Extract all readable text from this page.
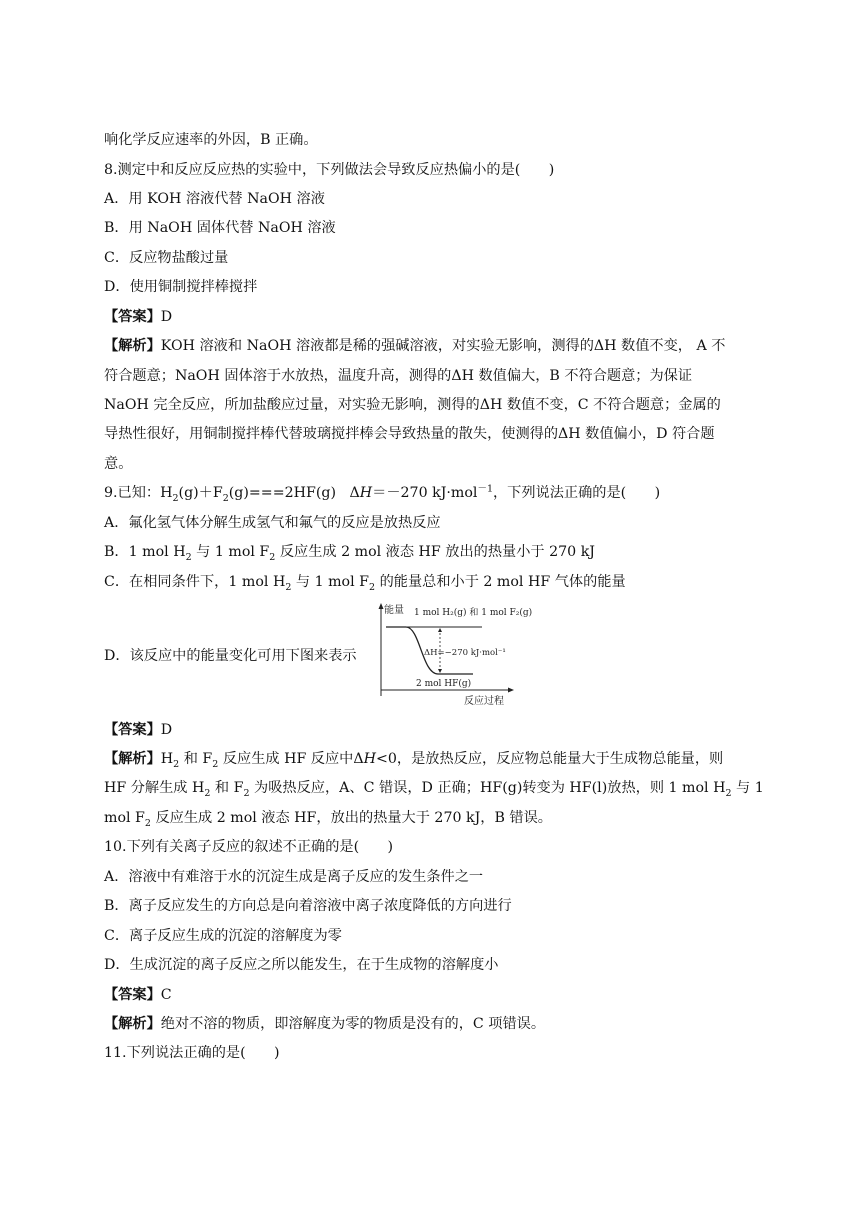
响化学反应速率的外因，B 正确。
8.测定中和反应反应热的实验中，下列做法会导致反应热偏小的是(　　)
A．用 KOH 溶液代替 NaOH 溶液
B．用 NaOH 固体代替 NaOH 溶液
C．反应物盐酸过量
D．使用铜制搅拌棒搅拌
【答案】D
【解析】KOH 溶液和 NaOH 溶液都是稀的强碱溶液，对实验无影响，测得的ΔH 数值不变， A 不
符合题意；NaOH 固体溶于水放热，温度升高，测得的ΔH 数值偏大，B 不符合题意；为保证
NaOH 完全反应，所加盐酸应过量，对实验无影响，测得的ΔH 数值不变，C 不符合题意；金属的
导热性很好，用铜制搅拌棒代替玻璃搅拌棒会导致热量的散失，使测得的ΔH 数值偏小，D 符合题
意。
9.已知：$H_2(g)+F_2(g)===2HF(g)$   ΔH＝－270 kJ·mol$^{-1}$，下列说法正确的是(　　)
A．氟化氢气体分解生成氢气和氟气的反应是放热反应
B．1 mol $H_2$ 与 1 mol $F_2$ 反应生成 2 mol 液态 HF 放出的热量小于 270 kJ
C．在相同条件下，1 mol $H_2$ 与 1 mol $F_2$ 的能量总和小于 2 mol HF 气体的能量
D．该反应中的能量变化可用下图来表示
能量 1 mol H₂(g) 和 1 mol F₂(g)
ΔH=−270 kJ·mol⁻¹
2 mol HF(g)
反应过程
【答案】D
【解析】$H_2$ 和 $F_2$ 反应生成 HF 反应中ΔH<0，是放热反应，反应物总能量大于生成物总能量，则
HF 分解生成 $H_2$ 和 $F_2$ 为吸热反应，A、C 错误，D 正确；HF(g)转变为 HF(l)放热，则 1 mol $H_2$ 与 1
mol $F_2$ 反应生成 2 mol 液态 HF，放出的热量大于 270 kJ，B 错误。
10.下列有关离子反应的叙述不正确的是(　　)
A．溶液中有难溶于水的沉淀生成是离子反应的发生条件之一
B．离子反应发生的方向总是向着溶液中离子浓度降低的方向进行
C．离子反应生成的沉淀的溶解度为零
D．生成沉淀的离子反应之所以能发生，在于生成物的溶解度小
【答案】C
【解析】绝对不溶的物质，即溶解度为零的物质是没有的，C 项错误。
11.下列说法正确的是(　　)
